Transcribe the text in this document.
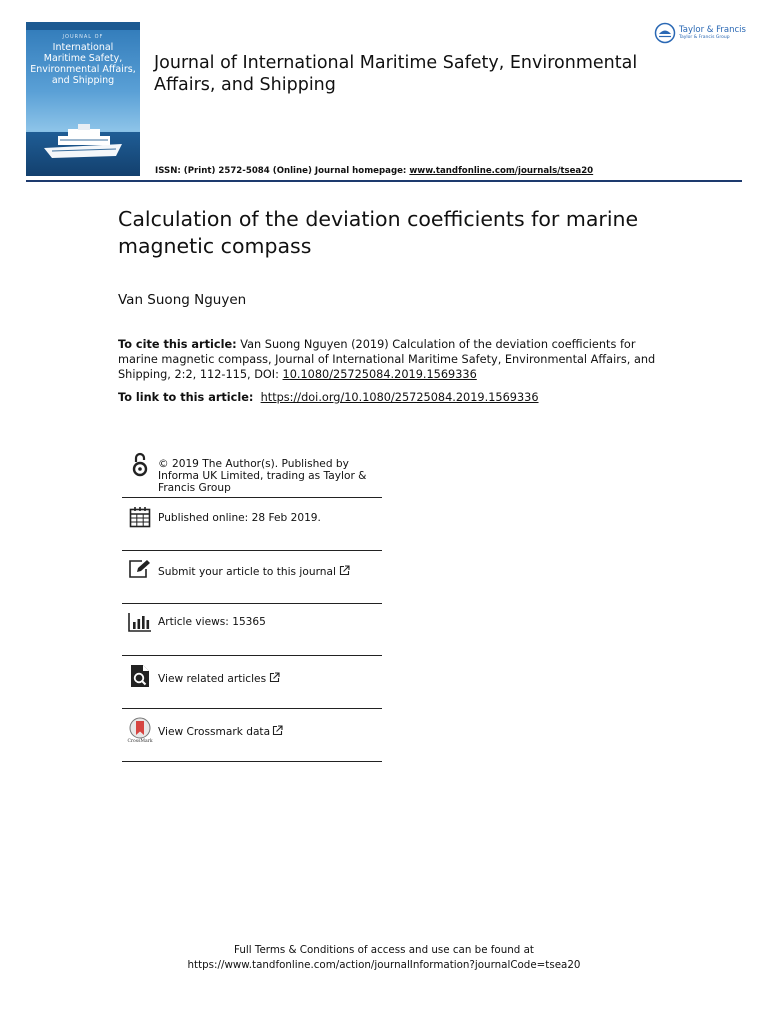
JOURNAL OF
International
Maritime Safety,
Environmental Affairs,
and Shipping
Taylor & Francis
Taylor & Francis Group
Journal of International Maritime Safety, Environmental Affairs, and Shipping
ISSN: (Print) 2572-5084 (Online) Journal homepage: www.tandfonline.com/journals/tsea20
Calculation of the deviation coefficients for marine magnetic compass
Van Suong Nguyen
To cite this article: Van Suong Nguyen (2019) Calculation of the deviation coefficients for marine magnetic compass, Journal of International Maritime Safety, Environmental Affairs, and Shipping, 2:2, 112-115, DOI: 10.1080/25725084.2019.1569336
To link to this article: https://doi.org/10.1080/25725084.2019.1569336
© 2019 The Author(s). Published by Informa UK Limited, trading as Taylor & Francis Group
Published online: 28 Feb 2019.
Submit your article to this journal
Article views: 15365
View related articles
CrossMark
View Crossmark data
Full Terms & Conditions of access and use can be found at
https://www.tandfonline.com/action/journalInformation?journalCode=tsea20
